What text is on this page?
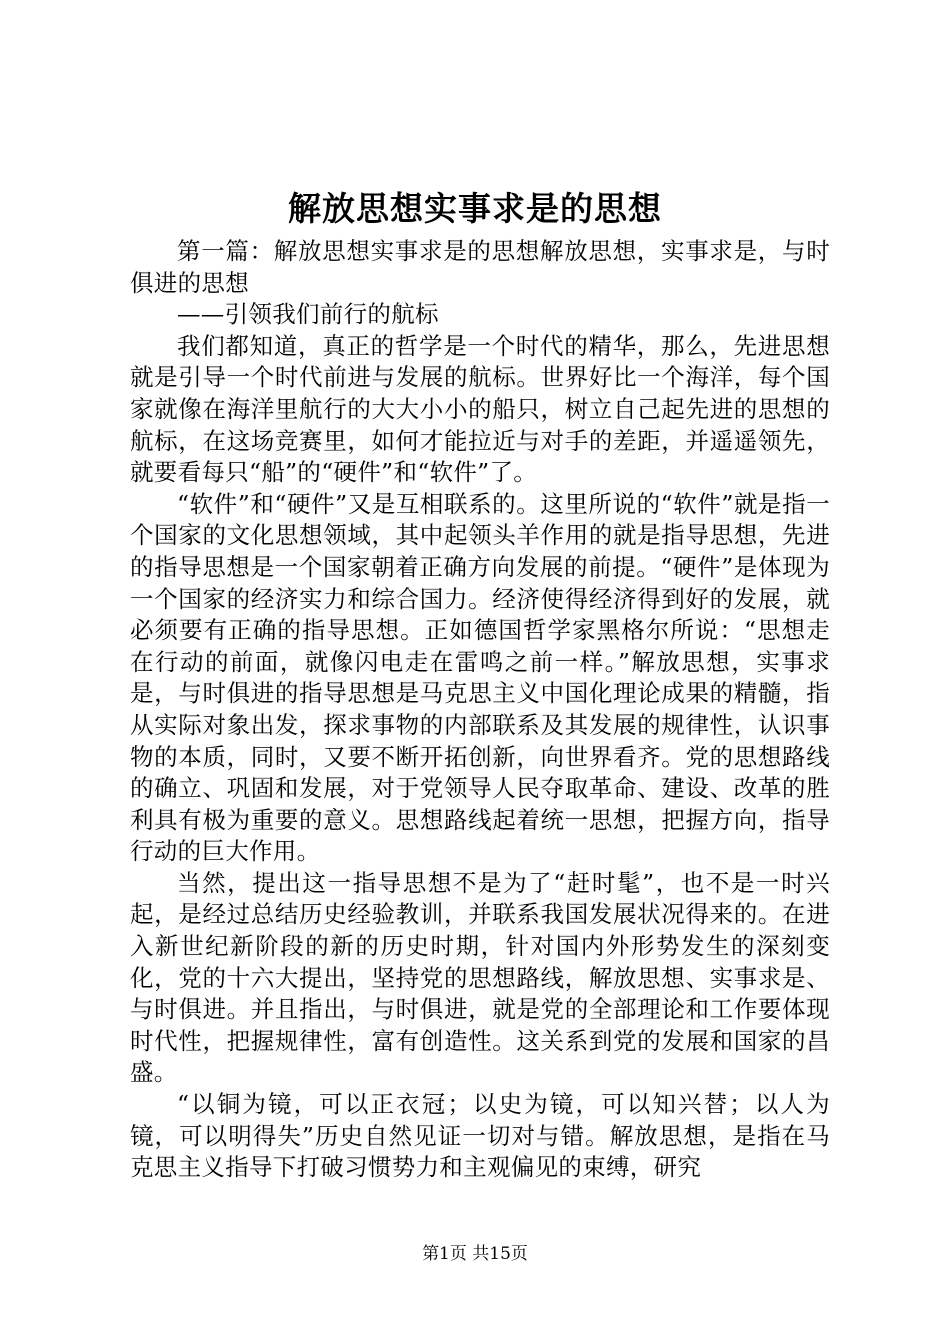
解放思想实事求是的思想

第一篇：解放思想实事求是的思想解放思想，实事求是，与时俱进的思想

——引领我们前行的航标

我们都知道，真正的哲学是一个时代的精华，那么，先进思想就是引导一个时代前进与发展的航标。世界好比一个海洋，每个国家就像在海洋里航行的大大小小的船只，树立自己起先进的思想的航标，在这场竞赛里，如何才能拉近与对手的差距，并遥遥领先，就要看每只“船”的“硬件”和“软件”了。

“软件”和“硬件”又是互相联系的。这里所说的“软件”就是指一个国家的文化思想领域，其中起领头羊作用的就是指导思想，先进的指导思想是一个国家朝着正确方向发展的前提。“硬件”是体现为一个国家的经济实力和综合国力。经济使得经济得到好的发展，就必须要有正确的指导思想。正如德国哲学家黑格尔所说：“思想走在行动的前面，就像闪电走在雷鸣之前一样。”解放思想，实事求是，与时俱进的指导思想是马克思主义中国化理论成果的精髓，指从实际对象出发，探求事物的内部联系及其发展的规律性，认识事物的本质，同时，又要不断开拓创新，向世界看齐。党的思想路线的确立、巩固和发展，对于党领导人民夺取革命、建设、改革的胜利具有极为重要的意义。思想路线起着统一思想，把握方向，指导行动的巨大作用。

当然，提出这一指导思想不是为了“赶时髦”，也不是一时兴起，是经过总结历史经验教训，并联系我国发展状况得来的。在进入新世纪新阶段的新的历史时期，针对国内外形势发生的深刻变化，党的十六大提出，坚持党的思想路线，解放思想、实事求是、与时俱进。并且指出，与时俱进，就是党的全部理论和工作要体现时代性，把握规律性，富有创造性。这关系到党的发展和国家的昌盛。

“以铜为镜，可以正衣冠；以史为镜，可以知兴替；以人为镜，可以明得失”历史自然见证一切对与错。解放思想，是指在马克思主义指导下打破习惯势力和主观偏见的束缚，研究

第1页 共15页
